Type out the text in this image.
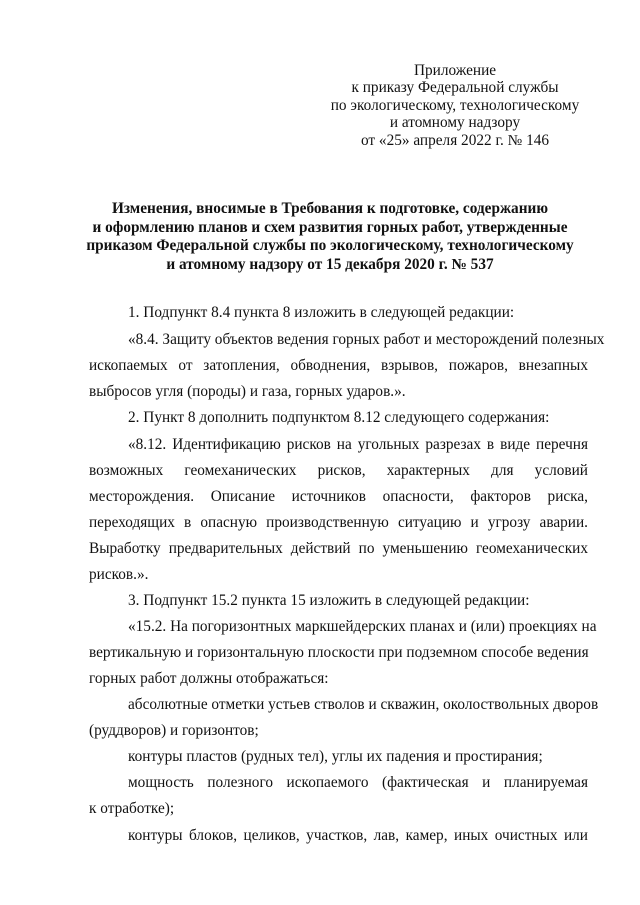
Приложение
к приказу Федеральной службы
по экологическому, технологическому
и атомному надзору
от «25» апреля 2022 г. № 146
Изменения, вносимые в Требования к подготовке, содержанию
и оформлению планов и схем развития горных работ, утвержденные
приказом Федеральной службы по экологическому, технологическому
и атомному надзору от 15 декабря 2020 г. № 537
1. Подпункт 8.4 пункта 8 изложить в следующей редакции:
«8.4. Защиту объектов ведения горных работ и месторождений полезных
ископаемых от затопления, обводнения, взрывов, пожаров, внезапных
выбросов угля (породы) и газа, горных ударов.».
2. Пункт 8 дополнить подпунктом 8.12 следующего содержания:
«8.12. Идентификацию рисков на угольных разрезах в виде перечня
возможных геомеханических рисков, характерных для условий
месторождения. Описание источников опасности, факторов риска,
переходящих в опасную производственную ситуацию и угрозу аварии.
Выработку предварительных действий по уменьшению геомеханических
рисков.».
3. Подпункт 15.2 пункта 15 изложить в следующей редакции:
«15.2. На погоризонтных маркшейдерских планах и (или) проекциях на
вертикальную и горизонтальную плоскости при подземном способе ведения
горных работ должны отображаться:
абсолютные отметки устьев стволов и скважин, околоствольных дворов
(руддворов) и горизонтов;
контуры пластов (рудных тел), углы их падения и простирания;
мощность полезного ископаемого (фактическая и планируемая
к отработке);
контуры блоков, целиков, участков, лав, камер, иных очистных или
